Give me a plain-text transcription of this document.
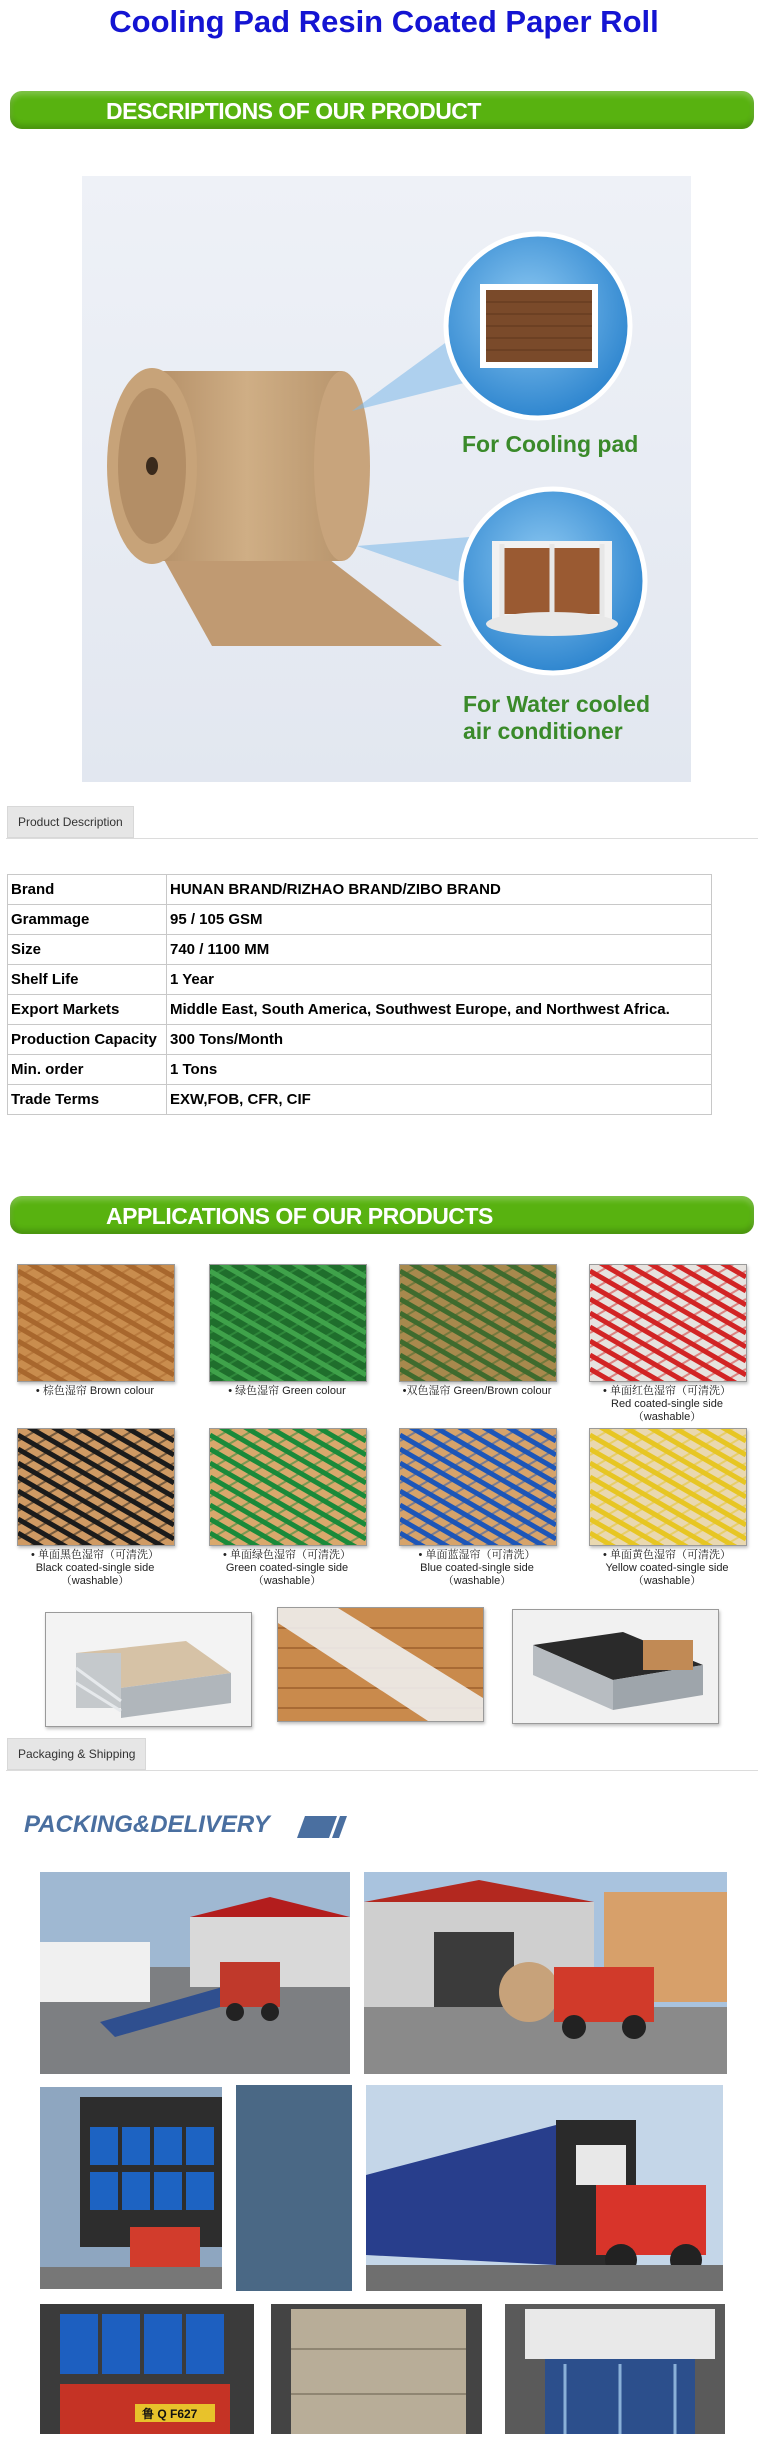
Cooling Pad Resin Coated Paper Roll
DESCRIPTIONS OF OUR PRODUCT
For Cooling pad
For Water cooled
air conditioner
Product Description
Brand	HUNAN BRAND/RIZHAO BRAND/ZIBO BRAND
Grammage	95 / 105 GSM
Size	740 / 1100 MM
Shelf Life	1 Year
Export Markets	Middle East, South America, Southwest Europe, and Northwest Africa.
Production Capacity	300 Tons/Month
Min. order	1 Tons
Trade Terms	EXW,FOB, CFR, CIF
APPLICATIONS OF OUR PRODUCTS
• 棕色湿帘 Brown colour	• 绿色湿帘 Green colour	•双色湿帘 Green/Brown colour	• 单面红色湿帘（可清洗）
Red coated-single side
（washable）
• 单面黑色湿帘（可清洗）
Black coated-single side
（washable）
• 单面绿色湿帘（可清洗）
Green coated-single side
（washable）
• 单面蓝湿帘（可清洗）
Blue coated-single side
（washable）
• 单面黄色湿帘（可清洗）
Yellow coated-single side
（washable）
Packaging & Shipping
PACKING&DELIVERY
鲁 Q F627
